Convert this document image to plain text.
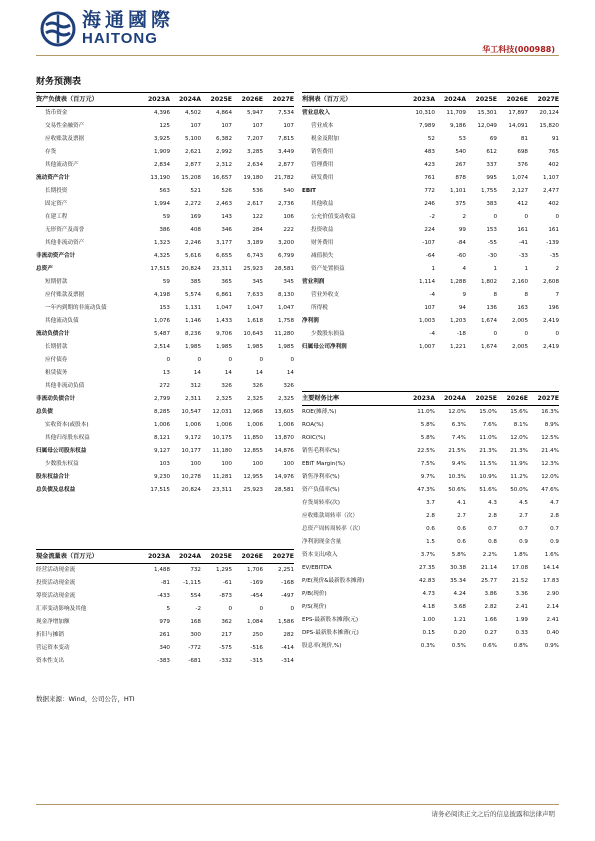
海通國際
HAITONG
华工科技(000988)
财务预测表
资产负债表（百万元）	2023A	2024A	2025E	2026E	2027E
货币资金	4,396	4,502	4,864	5,947	7,534
交易性金融资产	125	107	107	107	107
应收账款及票据	3,925	5,100	6,382	7,207	7,815
存货	1,909	2,621	2,992	3,285	3,449
其他流动资产	2,834	2,877	2,312	2,634	2,877
流动资产合计	13,190	15,208	16,657	19,180	21,782
长期投资	563	521	526	536	540
固定资产	1,994	2,272	2,463	2,617	2,736
在建工程	59	169	143	122	106
无形资产及商誉	386	408	346	284	222
其他非流动资产	1,323	2,246	3,177	3,189	3,200
非流动资产合计	4,325	5,616	6,655	6,743	6,799
总资产	17,515	20,824	23,311	25,923	28,581
短期借款	59	385	365	345	345
应付账款及票据	4,198	5,574	6,861	7,633	8,130
一年内到期的非流动负债	153	1,131	1,047	1,047	1,047
其他流动负债	1,076	1,146	1,433	1,618	1,758
流动负债合计	5,487	8,236	9,706	10,643	11,280
长期借款	2,514	1,985	1,985	1,985	1,985
应付债券	0	0	0	0	0
租赁债务	13	14	14	14	14
其他非流动负债	272	312	326	326	326
非流动负债合计	2,799	2,311	2,325	2,325	2,325
总负债	8,285	10,547	12,031	12,968	13,605
实收资本(或股本)	1,006	1,006	1,006	1,006	1,006
其他归母股东权益	8,121	9,172	10,175	11,850	13,870
归属母公司股东权益	9,127	10,177	11,180	12,855	14,876
少数股东权益	103	100	100	100	100
股东权益合计	9,230	10,278	11,281	12,955	14,976
总负债及总权益	17,515	20,824	23,311	25,923	28,581
利润表（百万元）	2023A	2024A	2025E	2026E	2027E
营业总收入	10,310	11,709	15,301	17,897	20,124
营业成本	7,989	9,186	12,049	14,091	15,820
税金及附加	52	53	69	81	91
销售费用	483	540	612	698	765
管理费用	423	267	337	376	402
研发费用	761	878	995	1,074	1,107
EBIT	772	1,101	1,755	2,127	2,477
其他收益	246	375	383	412	402
公允价值变动收益	-2	2	0	0	0
投资收益	224	99	153	161	161
财务费用	-107	-84	-55	-41	-139
减值损失	-64	-60	-30	-33	-35
资产处置损益	1	4	1	1	2
营业利润	1,114	1,288	1,802	2,160	2,608
营业外收支	-4	9	8	8	7
所得税	107	94	136	163	196
净利润	1,003	1,203	1,674	2,005	2,419
少数股东损益	-4	-18	0	0	0
归属母公司净利润	1,007	1,221	1,674	2,005	2,419
主要财务比率	2023A	2024A	2025E	2026E	2027E
ROE(摊薄,%)	11.0%	12.0%	15.0%	15.6%	16.3%
ROA(%)	5.8%	6.3%	7.6%	8.1%	8.9%
ROIC(%)	5.8%	7.4%	11.0%	12.0%	12.5%
销售毛利率(%)	22.5%	21.5%	21.3%	21.3%	21.4%
EBIT Margin(%)	7.5%	9.4%	11.5%	11.9%	12.3%
销售净利率(%)	9.7%	10.3%	10.9%	11.2%	12.0%
资产负债率(%)	47.3%	50.6%	51.6%	50.0%	47.6%
存货周转率(次)	3.7	4.1	4.3	4.5	4.7
应收账款周转率（次）	2.8	2.7	2.8	2.7	2.8
总资产周转周转率（次）	0.6	0.6	0.7	0.7	0.7
净利润现金含量	1.5	0.6	0.8	0.9	0.9
资本支出/收入	3.7%	5.8%	2.2%	1.8%	1.6%
EV/EBITDA	27.35	30.38	21.14	17.08	14.14
P/E(现价&最新股本摊薄)	42.83	35.34	25.77	21.52	17.83
P/B(现价)	4.73	4.24	3.86	3.36	2.90
P/S(现价)	4.18	3.68	2.82	2.41	2.14
EPS-最新股本摊薄(元)	1.00	1.21	1.66	1.99	2.41
DPS-最新股本摊薄(元)	0.15	0.20	0.27	0.33	0.40
股息率(现价,%)	0.3%	0.5%	0.6%	0.8%	0.9%
现金流量表（百万元）	2023A	2024A	2025E	2026E	2027E
经营活动现金流	1,488	732	1,295	1,706	2,251
投资活动现金流	-81	-1,115	-61	-169	-168
筹资活动现金流	-433	554	-873	-454	-497
汇率变动影响及其他	5	-2	0	0	0
现金净增加额	979	168	362	1,084	1,586
折旧与摊销	261	300	217	250	282
营运资本变动	340	-772	-575	-516	-414
资本性支出	-383	-681	-332	-315	-314
数据来源：Wind，公司公告，HTI
请务必阅读正文之后的信息披露和法律声明
